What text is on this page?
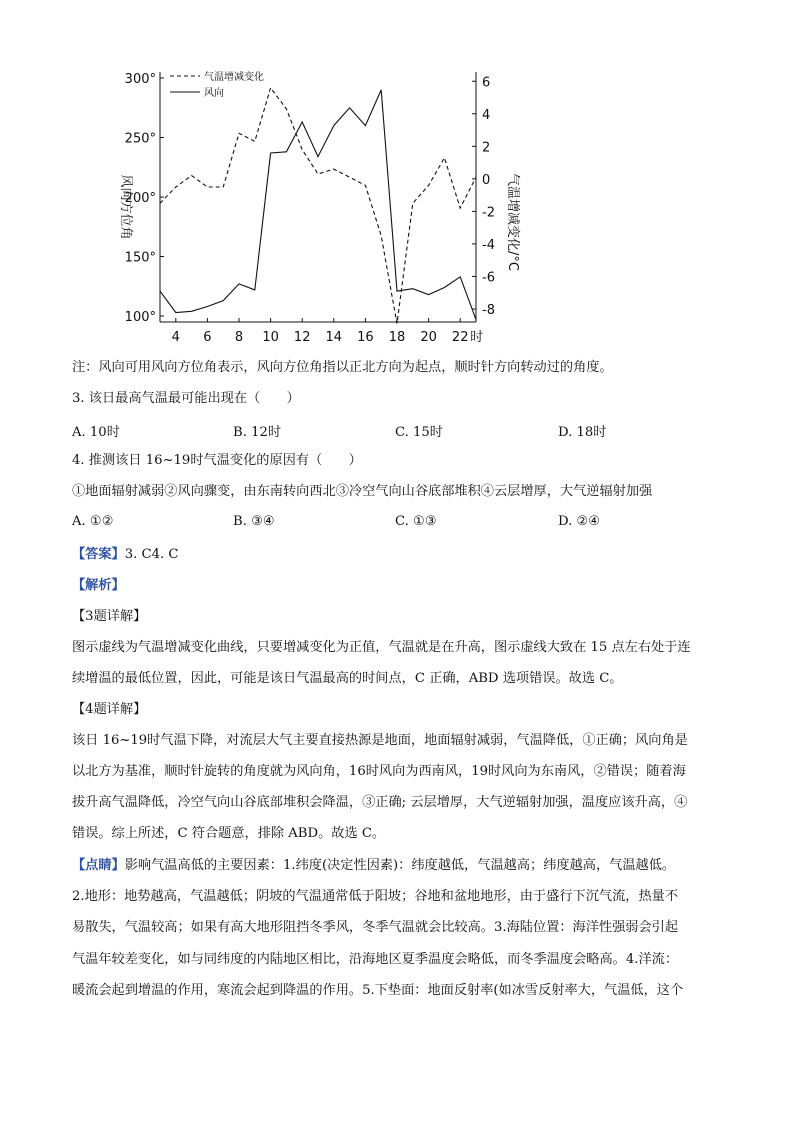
4 6 8 10 12 14 16 18 20 22 时
100°
150°
200°
250°
300°	6
4
2
0
-2
-4
-6
-8
气温增减变化
风向
风向方位角	气温增减变化/°C
注：风向可用风向方位角表示，风向方位角指以正北方向为起点，顺时针方向转动过的角度。
3. 该日最高气温最可能出现在（　　）
A. 10时	B. 12时	C. 15时	D. 18时
4. 推测该日 16~19时气温变化的原因有（　　）
①地面辐射减弱②风向骤变，由东南转向西北③冷空气向山谷底部堆积④云层增厚，大气逆辐射加强
A. ①②	B. ③④	C. ①③	D. ②④
【答案】3. C4. C
【解析】
【3题详解】
图示虚线为气温增减变化曲线，只要增减变化为正值，气温就是在升高，图示虚线大致在 15 点左右处于连
续增温的最低位置，因此，可能是该日气温最高的时间点，C 正确，ABD 选项错误。故选 C。
【4题详解】
该日 16~19时气温下降，对流层大气主要直接热源是地面，地面辐射减弱，气温降低，①正确；风向角是
以北方为基准，顺时针旋转的角度就为风向角，16时风向为西南风，19时风向为东南风，②错误；随着海
拔升高气温降低，冷空气向山谷底部堆积会降温，③正确; 云层增厚，大气逆辐射加强，温度应该升高，④
错误。综上所述，C 符合题意，排除 ABD。故选 C。
【点睛】影响气温高低的主要因素：1.纬度(决定性因素)：纬度越低，气温越高；纬度越高，气温越低。
2.地形：地势越高，气温越低；阴坡的气温通常低于阳坡；谷地和盆地地形，由于盛行下沉气流，热量不
易散失，气温较高；如果有高大地形阻挡冬季风，冬季气温就会比较高。3.海陆位置：海洋性强弱会引起
气温年较差变化，如与同纬度的内陆地区相比，沿海地区夏季温度会略低，而冬季温度会略高。4.洋流：
暖流会起到增温的作用，寒流会起到降温的作用。5.下垫面：地面反射率(如冰雪反射率大，气温低，这个
